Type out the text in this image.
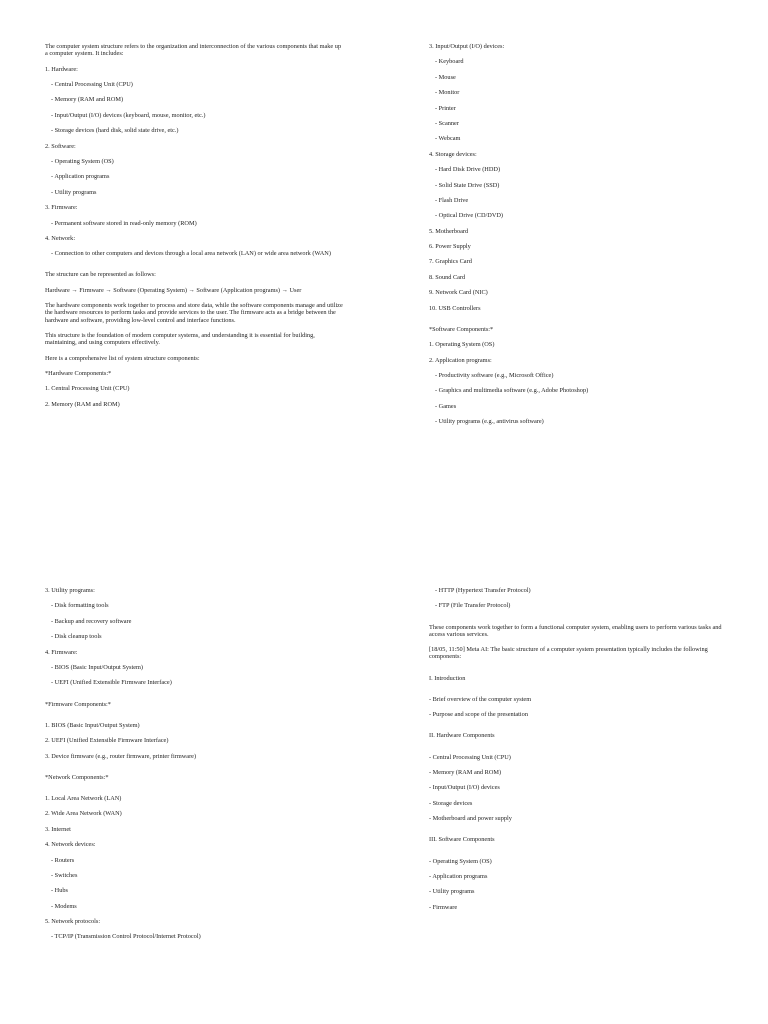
The computer system structure refers to the organization and interconnection of the various components that make up a computer system. It includes:

1. Hardware:

- Central Processing Unit (CPU)

- Memory (RAM and ROM)

- Input/Output (I/O) devices (keyboard, mouse, monitor, etc.)

- Storage devices (hard disk, solid state drive, etc.)

2. Software:

- Operating System (OS)

- Application programs

- Utility programs

3. Firmware:

- Permanent software stored in read-only memory (ROM)

4. Network:

- Connection to other computers and devices through a local area network (LAN) or wide area network (WAN)

The structure can be represented as follows:

Hardware → Firmware → Software (Operating System) → Software (Application programs) → User

The hardware components work together to process and store data, while the software components manage and utilize the hardware resources to perform tasks and provide services to the user. The firmware acts as a bridge between the hardware and software, providing low-level control and interface functions.

This structure is the foundation of modern computer systems, and understanding it is essential for building, maintaining, and using computers effectively.

Here is a comprehensive list of system structure components:

*Hardware Components:*

1. Central Processing Unit (CPU)

2. Memory (RAM and ROM)

3. Input/Output (I/O) devices:

- Keyboard

- Mouse

- Monitor

- Printer

- Scanner

- Webcam

4. Storage devices:

- Hard Disk Drive (HDD)

- Solid State Drive (SSD)

- Flash Drive

- Optical Drive (CD/DVD)

5. Motherboard

6. Power Supply

7. Graphics Card

8. Sound Card

9. Network Card (NIC)

10. USB Controllers

*Software Components:*

1. Operating System (OS)

2. Application programs:

- Productivity software (e.g., Microsoft Office)

- Graphics and multimedia software (e.g., Adobe Photoshop)

- Games

- Utility programs (e.g., antivirus software)

3. Utility programs:

- Disk formatting tools

- Backup and recovery software

- Disk cleanup tools

4. Firmware:

- BIOS (Basic Input/Output System)

- UEFI (Unified Extensible Firmware Interface)

*Firmware Components:*

1. BIOS (Basic Input/Output System)

2. UEFI (Unified Extensible Firmware Interface)

3. Device firmware (e.g., router firmware, printer firmware)

*Network Components:*

1. Local Area Network (LAN)

2. Wide Area Network (WAN)

3. Internet

4. Network devices:

- Routers

- Switches

- Hubs

- Modems

5. Network protocols:

- TCP/IP (Transmission Control Protocol/Internet Protocol)

- HTTP (Hypertext Transfer Protocol)

- FTP (File Transfer Protocol)

These components work together to form a functional computer system, enabling users to perform various tasks and access various services.

[18/05, 11:50] Meta AI: The basic structure of a computer system presentation typically includes the following components:

I. Introduction

- Brief overview of the computer system

- Purpose and scope of the presentation

II. Hardware Components

- Central Processing Unit (CPU)

- Memory (RAM and ROM)

- Input/Output (I/O) devices

- Storage devices

- Motherboard and power supply

III. Software Components

- Operating System (OS)

- Application programs

- Utility programs

- Firmware
